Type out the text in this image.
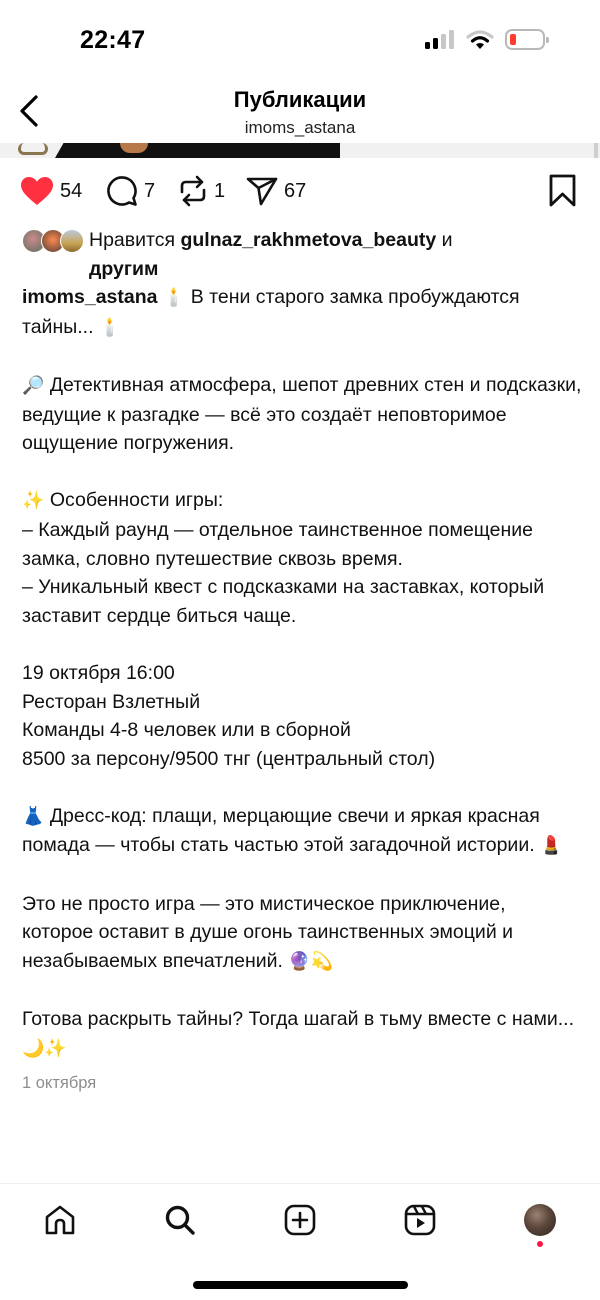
22:47
Публикации
imoms_astana
54	7	1	67
Нравится gulnaz_rakhmetova_beauty и
другим
imoms_astana 🕯️ В тени старого замка пробуждаются тайны... 🕯️
🔎 Детективная атмосфера, шепот древних стен и подсказки, ведущие к разгадке — всё это создаёт неповторимое ощущение погружения.
✨ Особенности игры:
– Каждый раунд — отдельное таинственное помещение замка, словно путешествие сквозь время.
– Уникальный квест с подсказками на заставках, который заставит сердце биться чаще.
19 октября 16:00
Ресторан Взлетный
Команды 4-8 человек или в сборной
8500 за персону/9500 тнг (центральный стол)
👗 Дресс-код: плащи, мерцающие свечи и яркая красная помада — чтобы стать частью этой загадочной истории. 💄
Это не просто игра — это мистическое приключение, которое оставит в душе огонь таинственных эмоций и незабываемых впечатлений. 🔮💫
Готова раскрыть тайны? Тогда шагай в тьму вместе с нами... 🌙✨
1 октября
